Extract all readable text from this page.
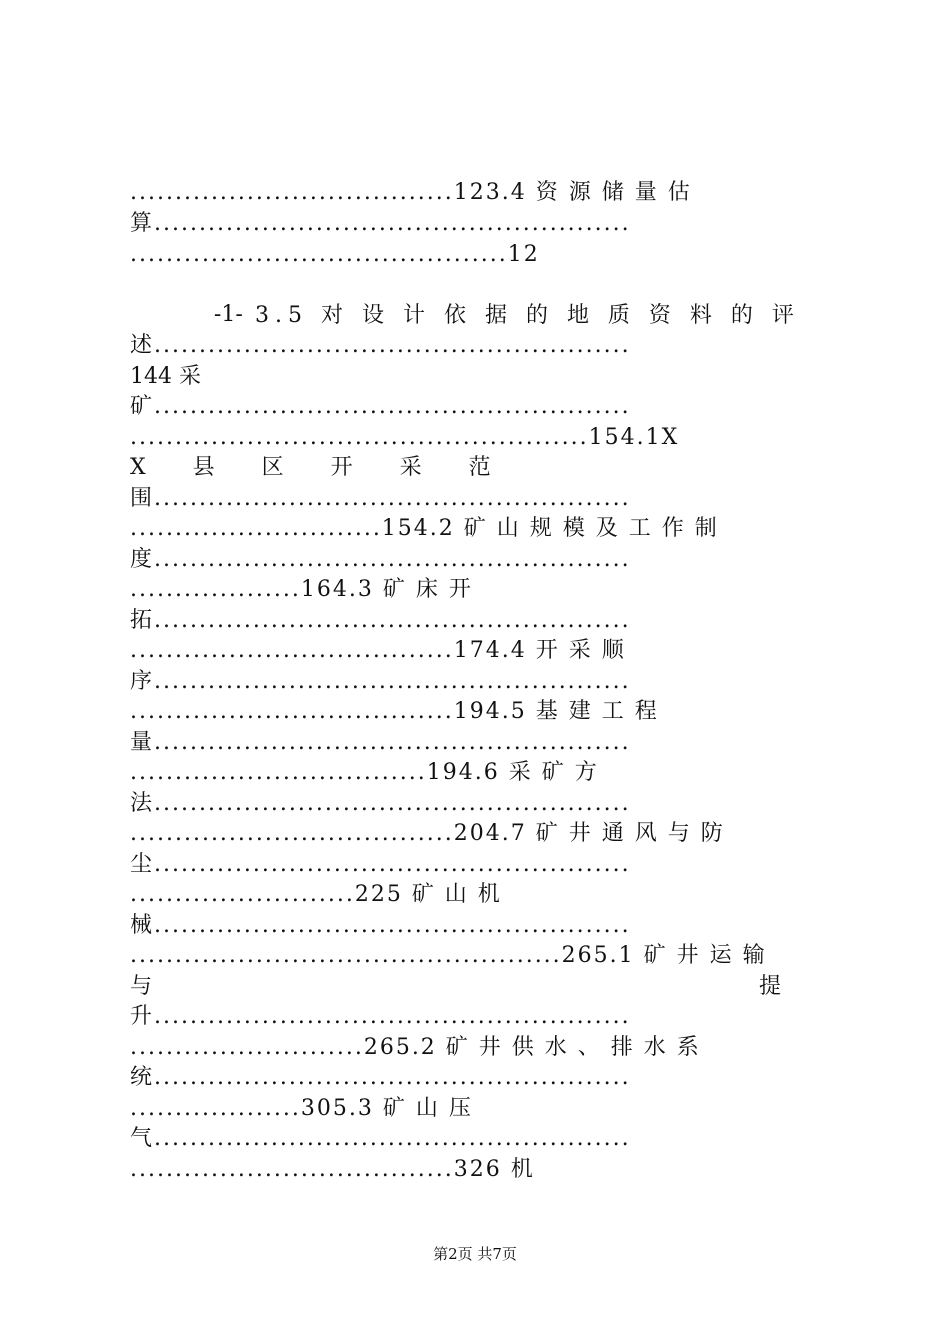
....................................123.4 资 源 储 量 估
算.....................................................
..........................................12

-1-
3.5 对 设 计 依 据 的 地 质 资 料 的 评
述.....................................................
144 采
矿.....................................................
...................................................154.1X
X 县 区 开 采 范
围.....................................................
............................154.2 矿 山 规 模 及 工 作 制
度.....................................................
...................164.3 矿 床 开
拓.....................................................
....................................174.4 开 采 顺
序.....................................................
....................................194.5 基 建 工 程
量.....................................................
.................................194.6 采 矿 方
法.....................................................
....................................204.7 矿 井 通 风 与 防
尘.....................................................
.........................225 矿 山 机
械.....................................................
................................................265.1 矿 井 运 输
与 提
升.....................................................
..........................265.2 矿 井 供 水 、 排 水 系
统.....................................................
...................305.3 矿 山 压
气.....................................................
....................................326 机
第2页 共7页
